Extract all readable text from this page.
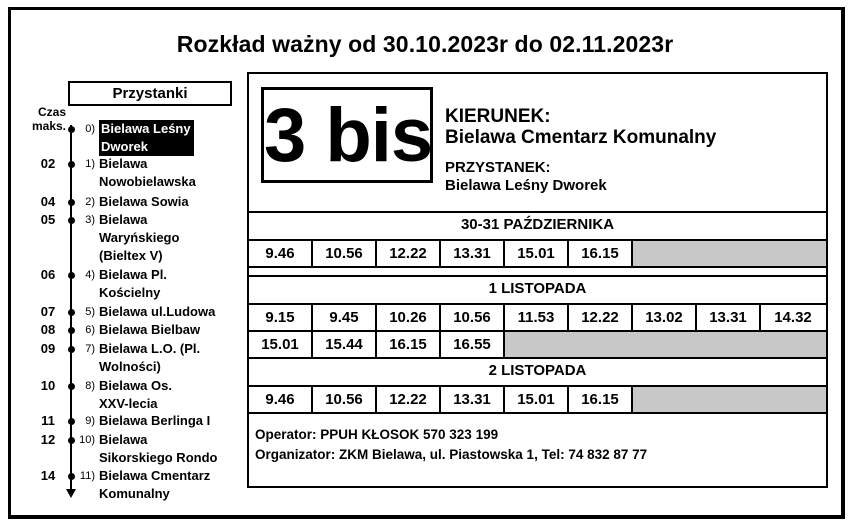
Rozkład ważny od 30.10.2023r do 02.11.2023r
Przystanki
Czas
maks.	0) Bielawa Leśny
Dworek
02	1) Bielawa
Nowobielawska
04	2) Bielawa Sowia
05	3) Bielawa
Waryńskiego
(Bieltex V)
06	4) Bielawa Pl.
Kościelny
07	5) Bielawa ul.Ludowa
08	6) Bielawa Bielbaw
09	7) Bielawa L.O. (Pl.
Wolności)
10	8) Bielawa Os.
XXV-lecia
11	9) Bielawa Berlinga I
12	10) Bielawa
Sikorskiego Rondo
14	11) Bielawa Cmentarz
Komunalny
3 bis KIERUNEK:
Bielawa Cmentarz Komunalny
PRZYSTANEK:
Bielawa Leśny Dworek
30-31 PAŹDZIERNIKA
9.46	10.56	12.22	13.31	15.01	16.15
1 LISTOPADA
9.15	9.45	10.26	10.56	11.53	12.22	13.02	13.31	14.32
15.01	15.44	16.15	16.55
2 LISTOPADA
9.46	10.56	12.22	13.31	15.01	16.15
Operator: PPUH KŁOSOK 570 323 199
Organizator: ZKM Bielawa, ul. Piastowska 1, Tel: 74 832 87 77
